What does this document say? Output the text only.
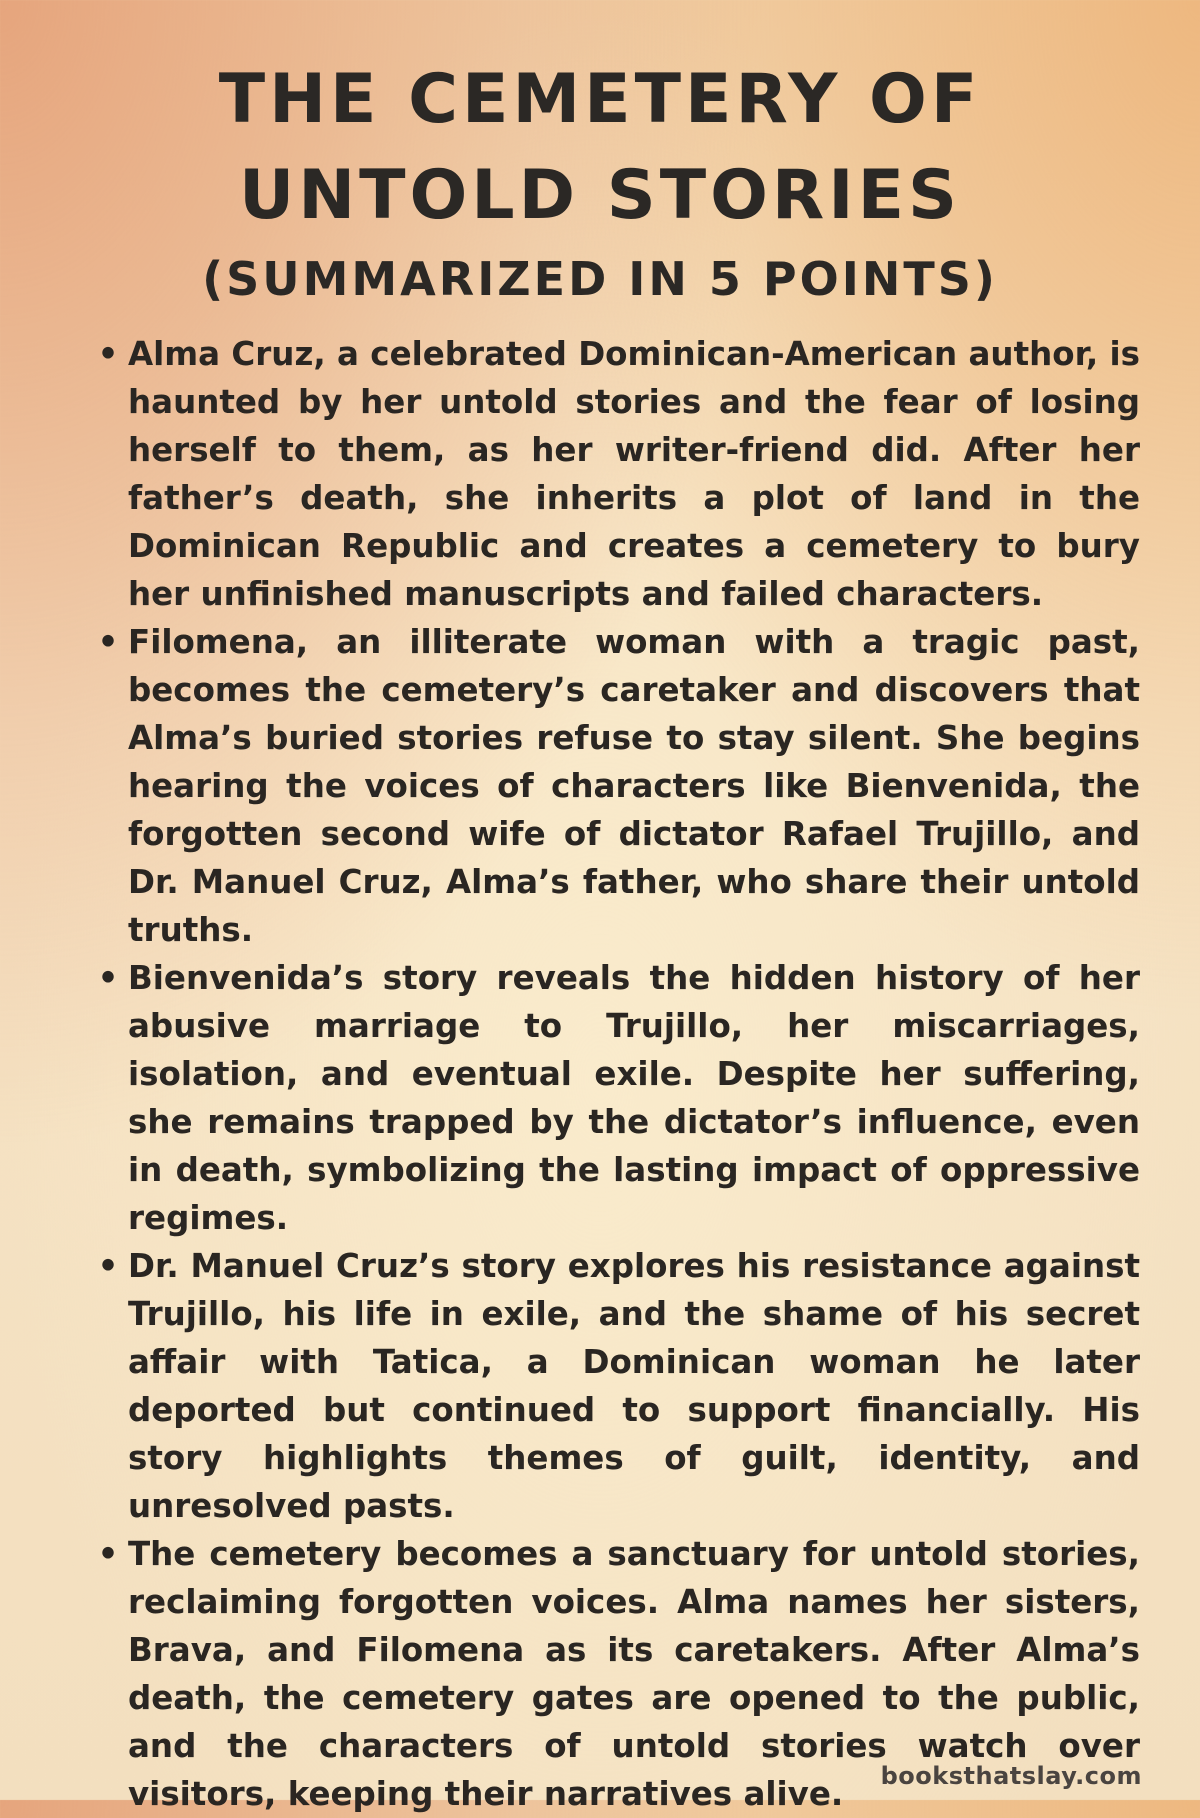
THE CEMETERY OF
UNTOLD STORIES
(SUMMARIZED IN 5 POINTS)
• Alma Cruz, a celebrated Dominican-American author, is haunted by her untold stories and the fear of losing herself to them, as her writer-friend did. After her father’s death, she inherits a plot of land in the Dominican Republic and creates a cemetery to bury her unfinished manuscripts and failed characters.
• Filomena, an illiterate woman with a tragic past, becomes the cemetery’s caretaker and discovers that Alma’s buried stories refuse to stay silent. She begins hearing the voices of characters like Bienvenida, the forgotten second wife of dictator Rafael Trujillo, and Dr. Manuel Cruz, Alma’s father, who share their untold truths.
• Bienvenida’s story reveals the hidden history of her abusive marriage to Trujillo, her miscarriages, isolation, and eventual exile. Despite her suffering, she remains trapped by the dictator’s influence, even in death, symbolizing the lasting impact of oppressive regimes.
• Dr. Manuel Cruz’s story explores his resistance against Trujillo, his life in exile, and the shame of his secret affair with Tatica, a Dominican woman he later deported but continued to support financially. His story highlights themes of guilt, identity, and unresolved pasts.
• The cemetery becomes a sanctuary for untold stories, reclaiming forgotten voices. Alma names her sisters, Brava, and Filomena as its caretakers. After Alma’s death, the cemetery gates are opened to the public, and the characters of untold stories watch over visitors, keeping their narratives alive.	booksthatslay.com
